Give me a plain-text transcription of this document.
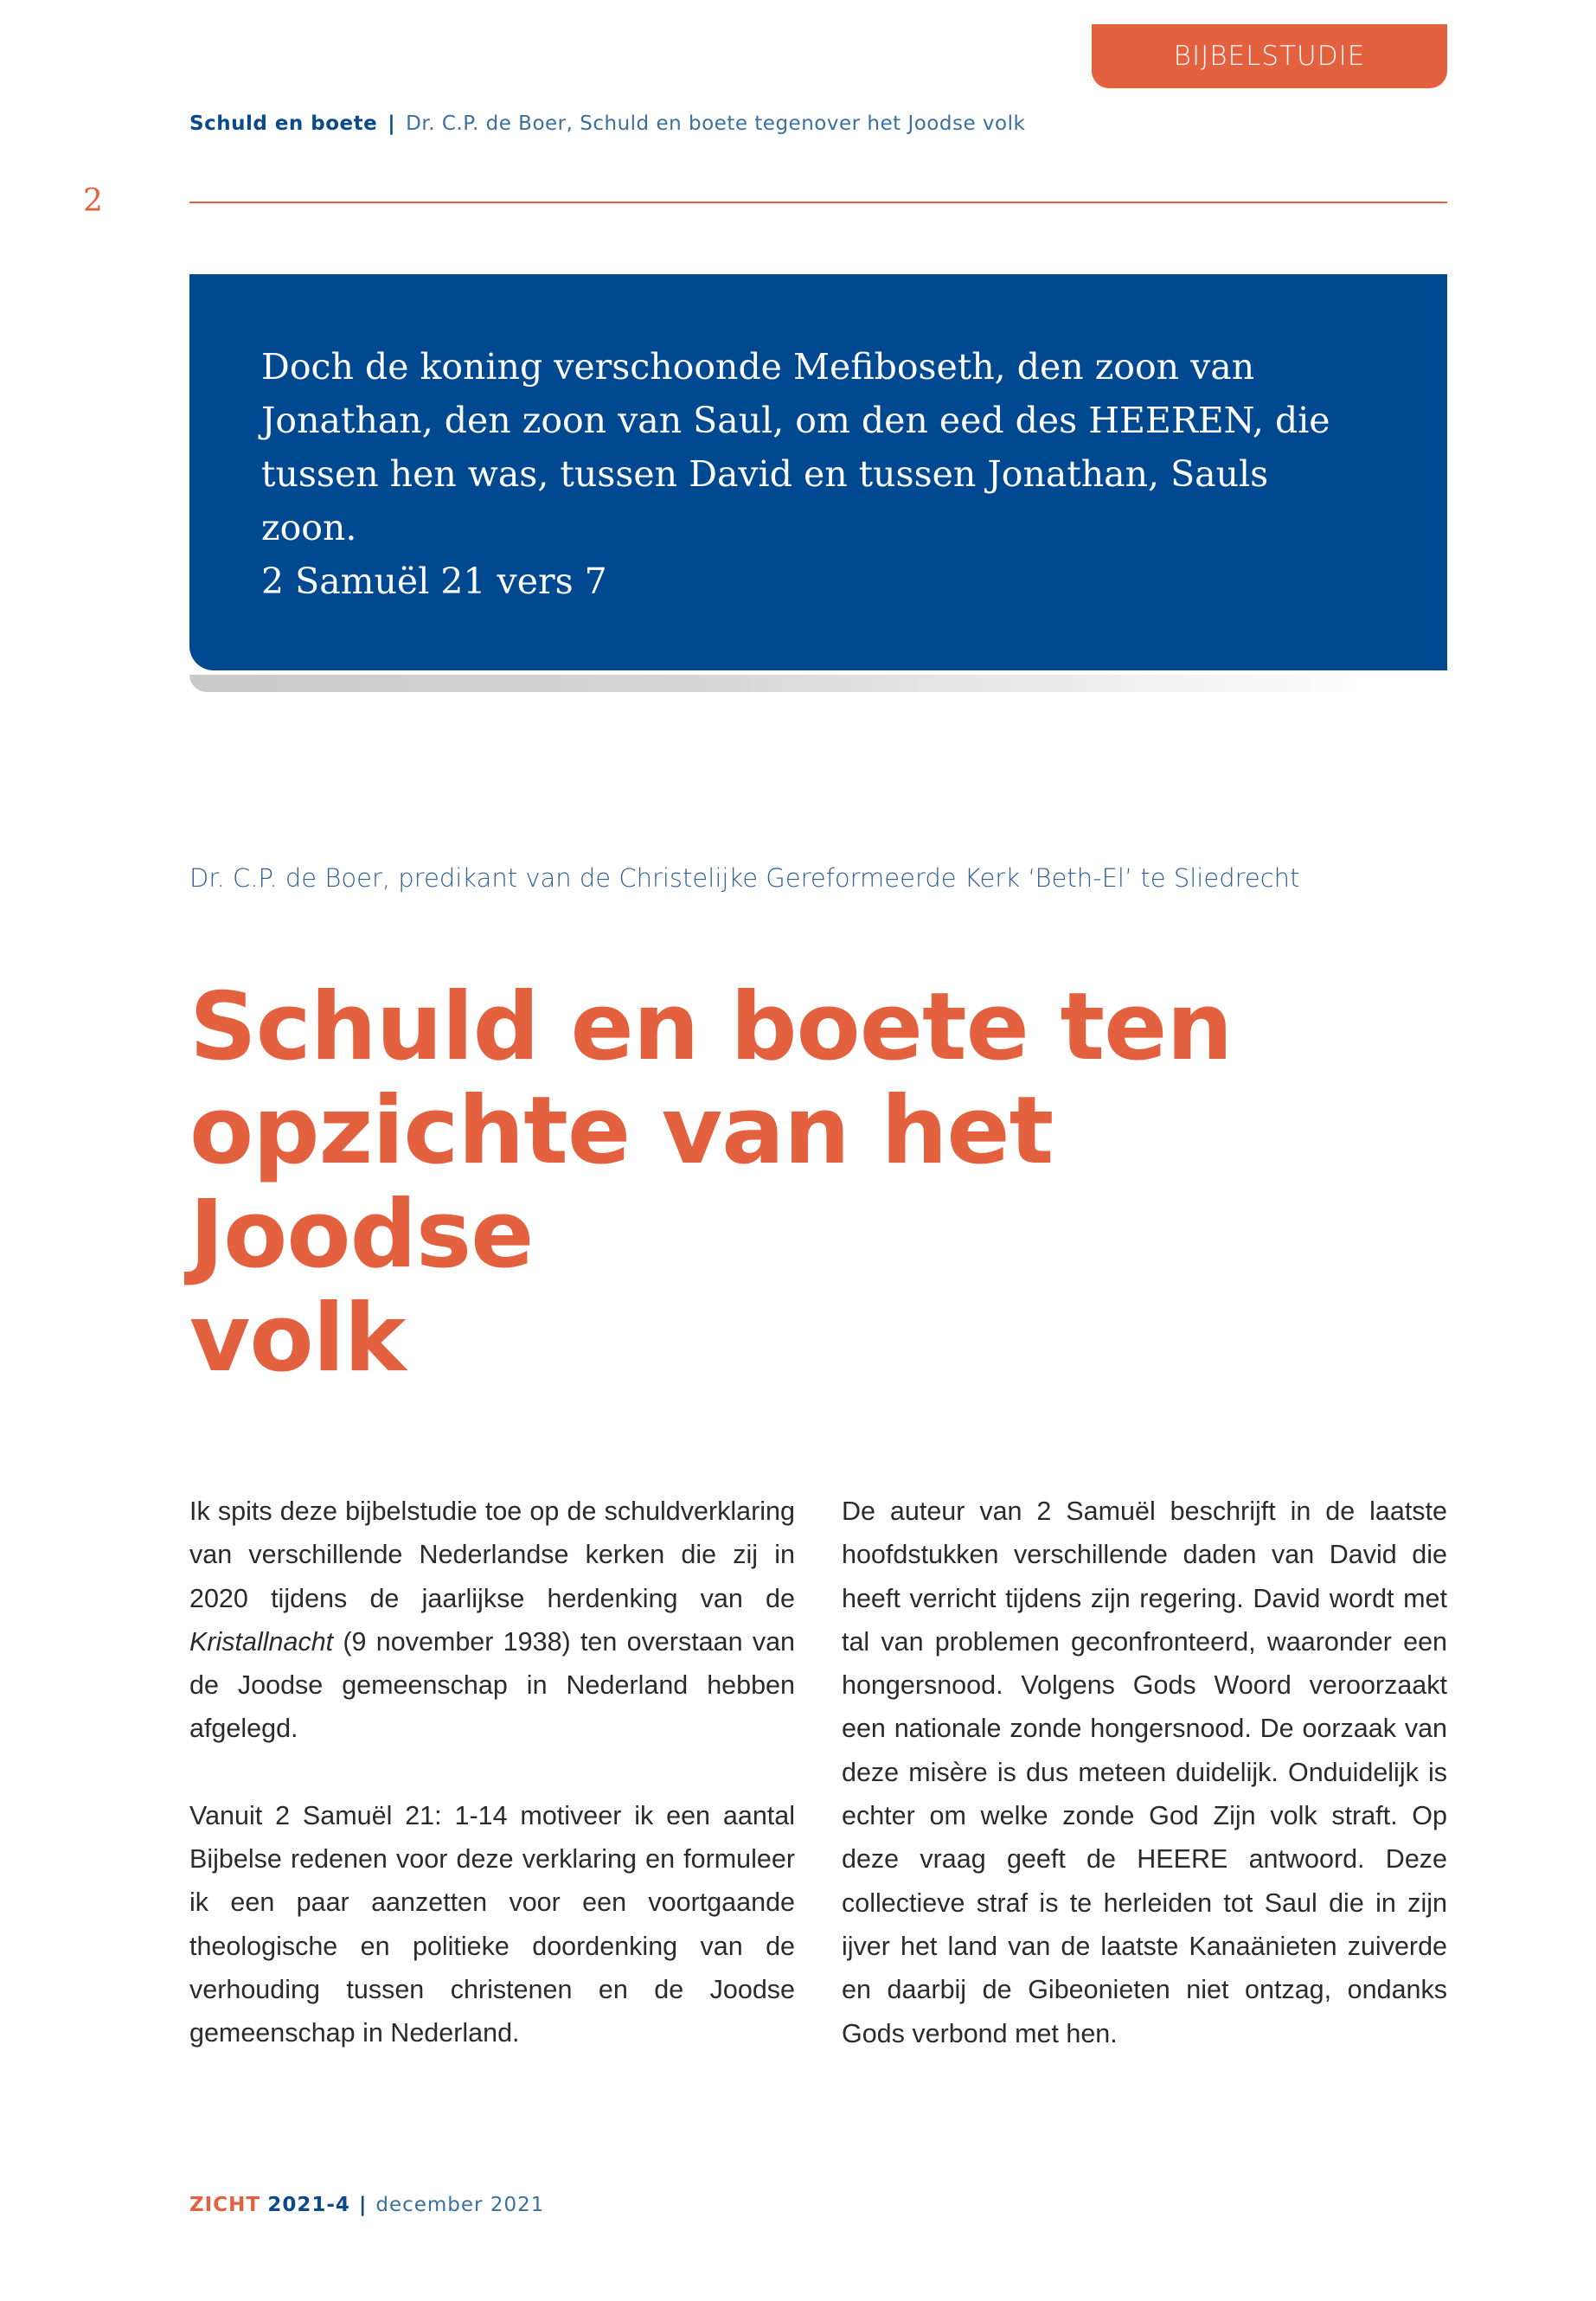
BIJBELSTUDIE
Schuld en boete | Dr. C.P. de Boer, Schuld en boete tegenover het Joodse volk
2

Doch de koning verschoonde Mefiboseth, den zoon van

Jonathan, den zoon van Saul, om den eed des HEEREN, die

tussen hen was, tussen David en tussen Jonathan, Sauls

zoon.

2 Samuël 21 vers 7

Dr. C.P. de Boer, predikant van de Christelijke Gereformeerde Kerk ‘Beth-El’ te Sliedrecht
Schuld en boete ten
opzichte van het Joodse
volk

Ik spits deze bijbelstudie toe op de schuldverklaring van verschillende Nederlandse kerken die zij in 2020 tijdens de jaarlijkse herdenking van de Kristallnacht (9 november 1938) ten overstaan van de Joodse gemeenschap in Nederland hebben afgelegd.

Vanuit 2 Samuël 21: 1-14 motiveer ik een aantal Bijbelse redenen voor deze verklaring en formuleer ik een paar aanzetten voor een voortgaande theologische en politieke doordenking van de verhouding tussen christenen en de Joodse gemeenschap in Nederland.

De auteur van 2 Samuël beschrijft in de laatste hoofdstukken verschillende daden van David die heeft verricht tijdens zijn regering. David wordt met tal van problemen geconfronteerd, waaronder een hongersnood. Volgens Gods Woord veroorzaakt een nationale zonde hongersnood. De oorzaak van deze misère is dus meteen duidelijk. Onduidelijk is echter om welke zonde God Zijn volk straft. Op deze vraag geeft de HEERE antwoord. Deze collectieve straf is te herleiden tot Saul die in zijn ijver het land van de laatste Kanaänieten zuiverde en daarbij de Gibeonieten niet ontzag, ondanks Gods verbond met hen.

ZICHT 2021-4 | december 2021
